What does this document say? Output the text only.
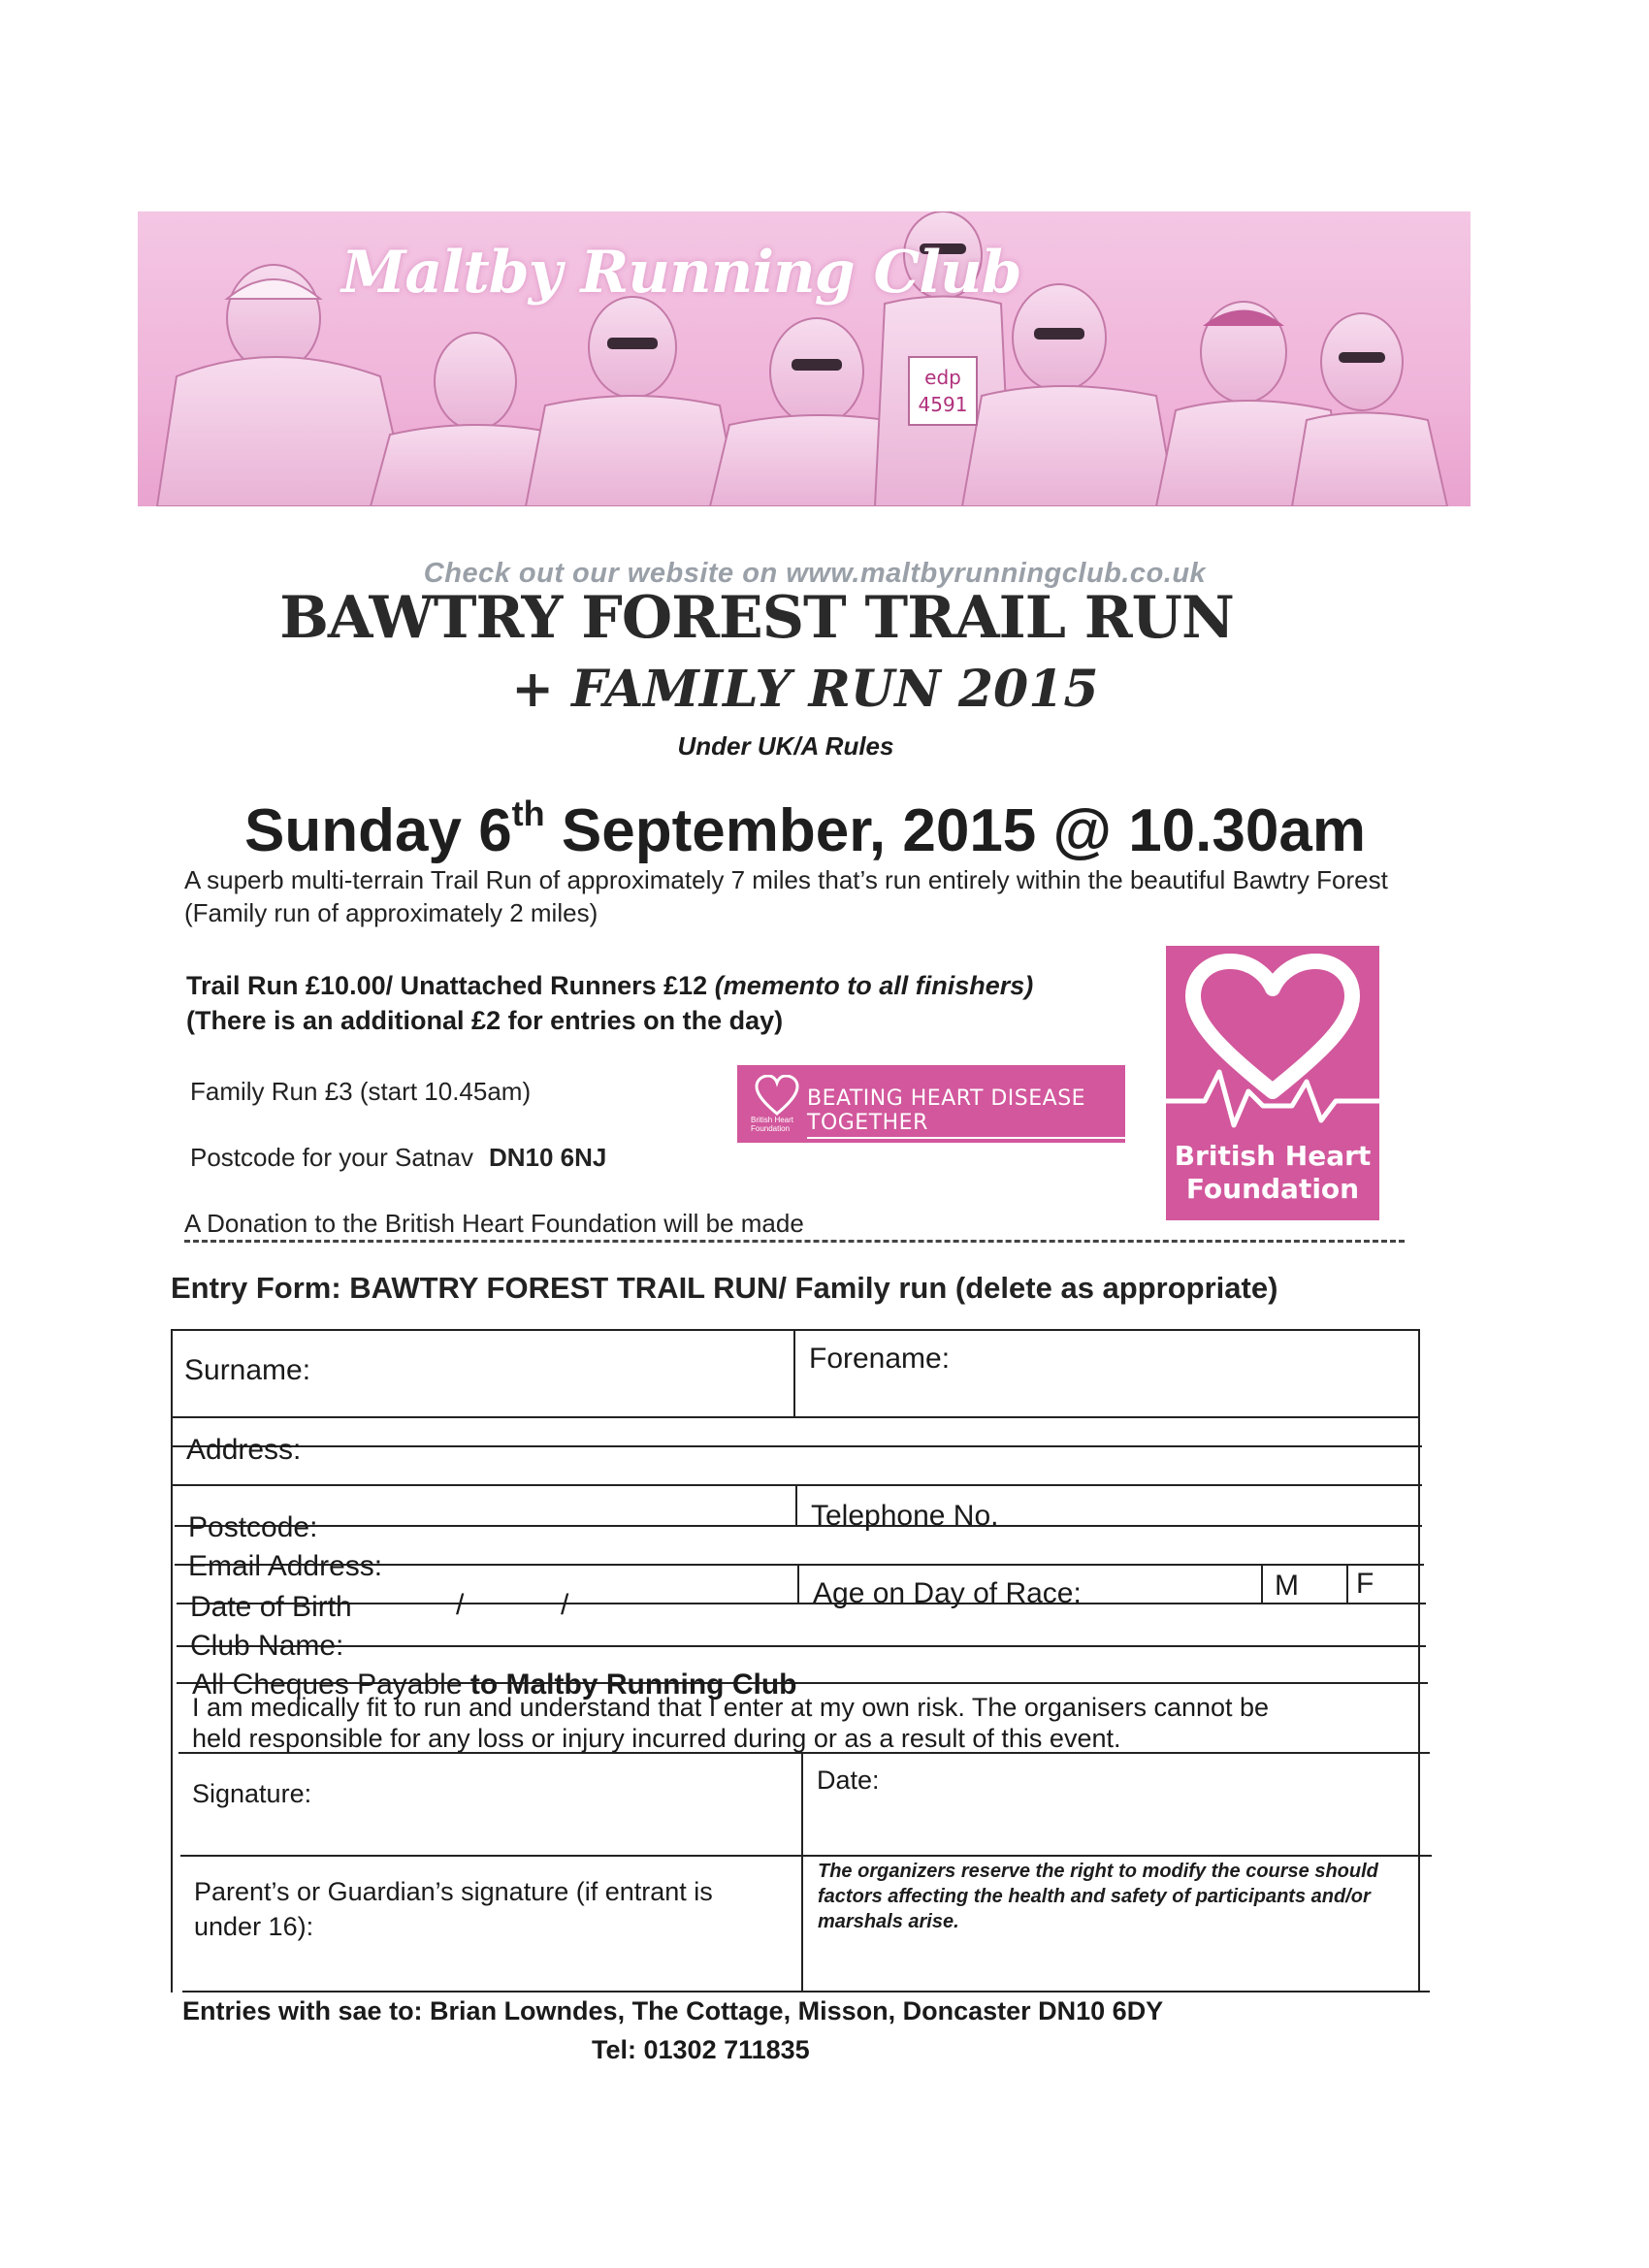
edp
4591
Maltby Running Club
Check out our website on www.maltbyrunningclub.co.uk
BAWTRY FOREST TRAIL RUN
+ FAMILY RUN 2015
Under UK/A Rules
Sunday 6th September, 2015 @ 10.30am
A superb multi-terrain Trail Run of approximately 7 miles that’s run entirely within the beautiful Bawtry Forest (Family run of approximately 2 miles)
Trail Run £10.00/ Unattached Runners £12 (memento to all finishers)
(There is an additional £2 for entries on the day)
Family Run £3 (start 10.45am)
Postcode for your Satnav DN10 6NJ
A Donation to the British Heart Foundation will be made
BEATING HEART DISEASE TOGETHER
British Heart Foundation
British Heart
Foundation
Entry Form: BAWTRY FOREST TRAIL RUN/ Family run (delete as appropriate)
Surname:	Forename:
Address:
Postcode:	Telephone No.
Email Address:
Date of Birth	/	/	Age on Day of Race:	M F
Club Name:
All Cheques Payable to Maltby Running Club
I am medically fit to run and understand that I enter at my own risk. The organisers cannot be
held responsible for any loss or injury incurred during or as a result of this event.
Signature:	Date:
Parent’s or Guardian’s signature (if entrant is under 16):
The organizers reserve the right to modify the course should factors affecting the health and safety of participants and/or marshals arise.
Entries with sae to: Brian Lowndes, The Cottage, Misson, Doncaster DN10 6DY
Tel: 01302 711835
